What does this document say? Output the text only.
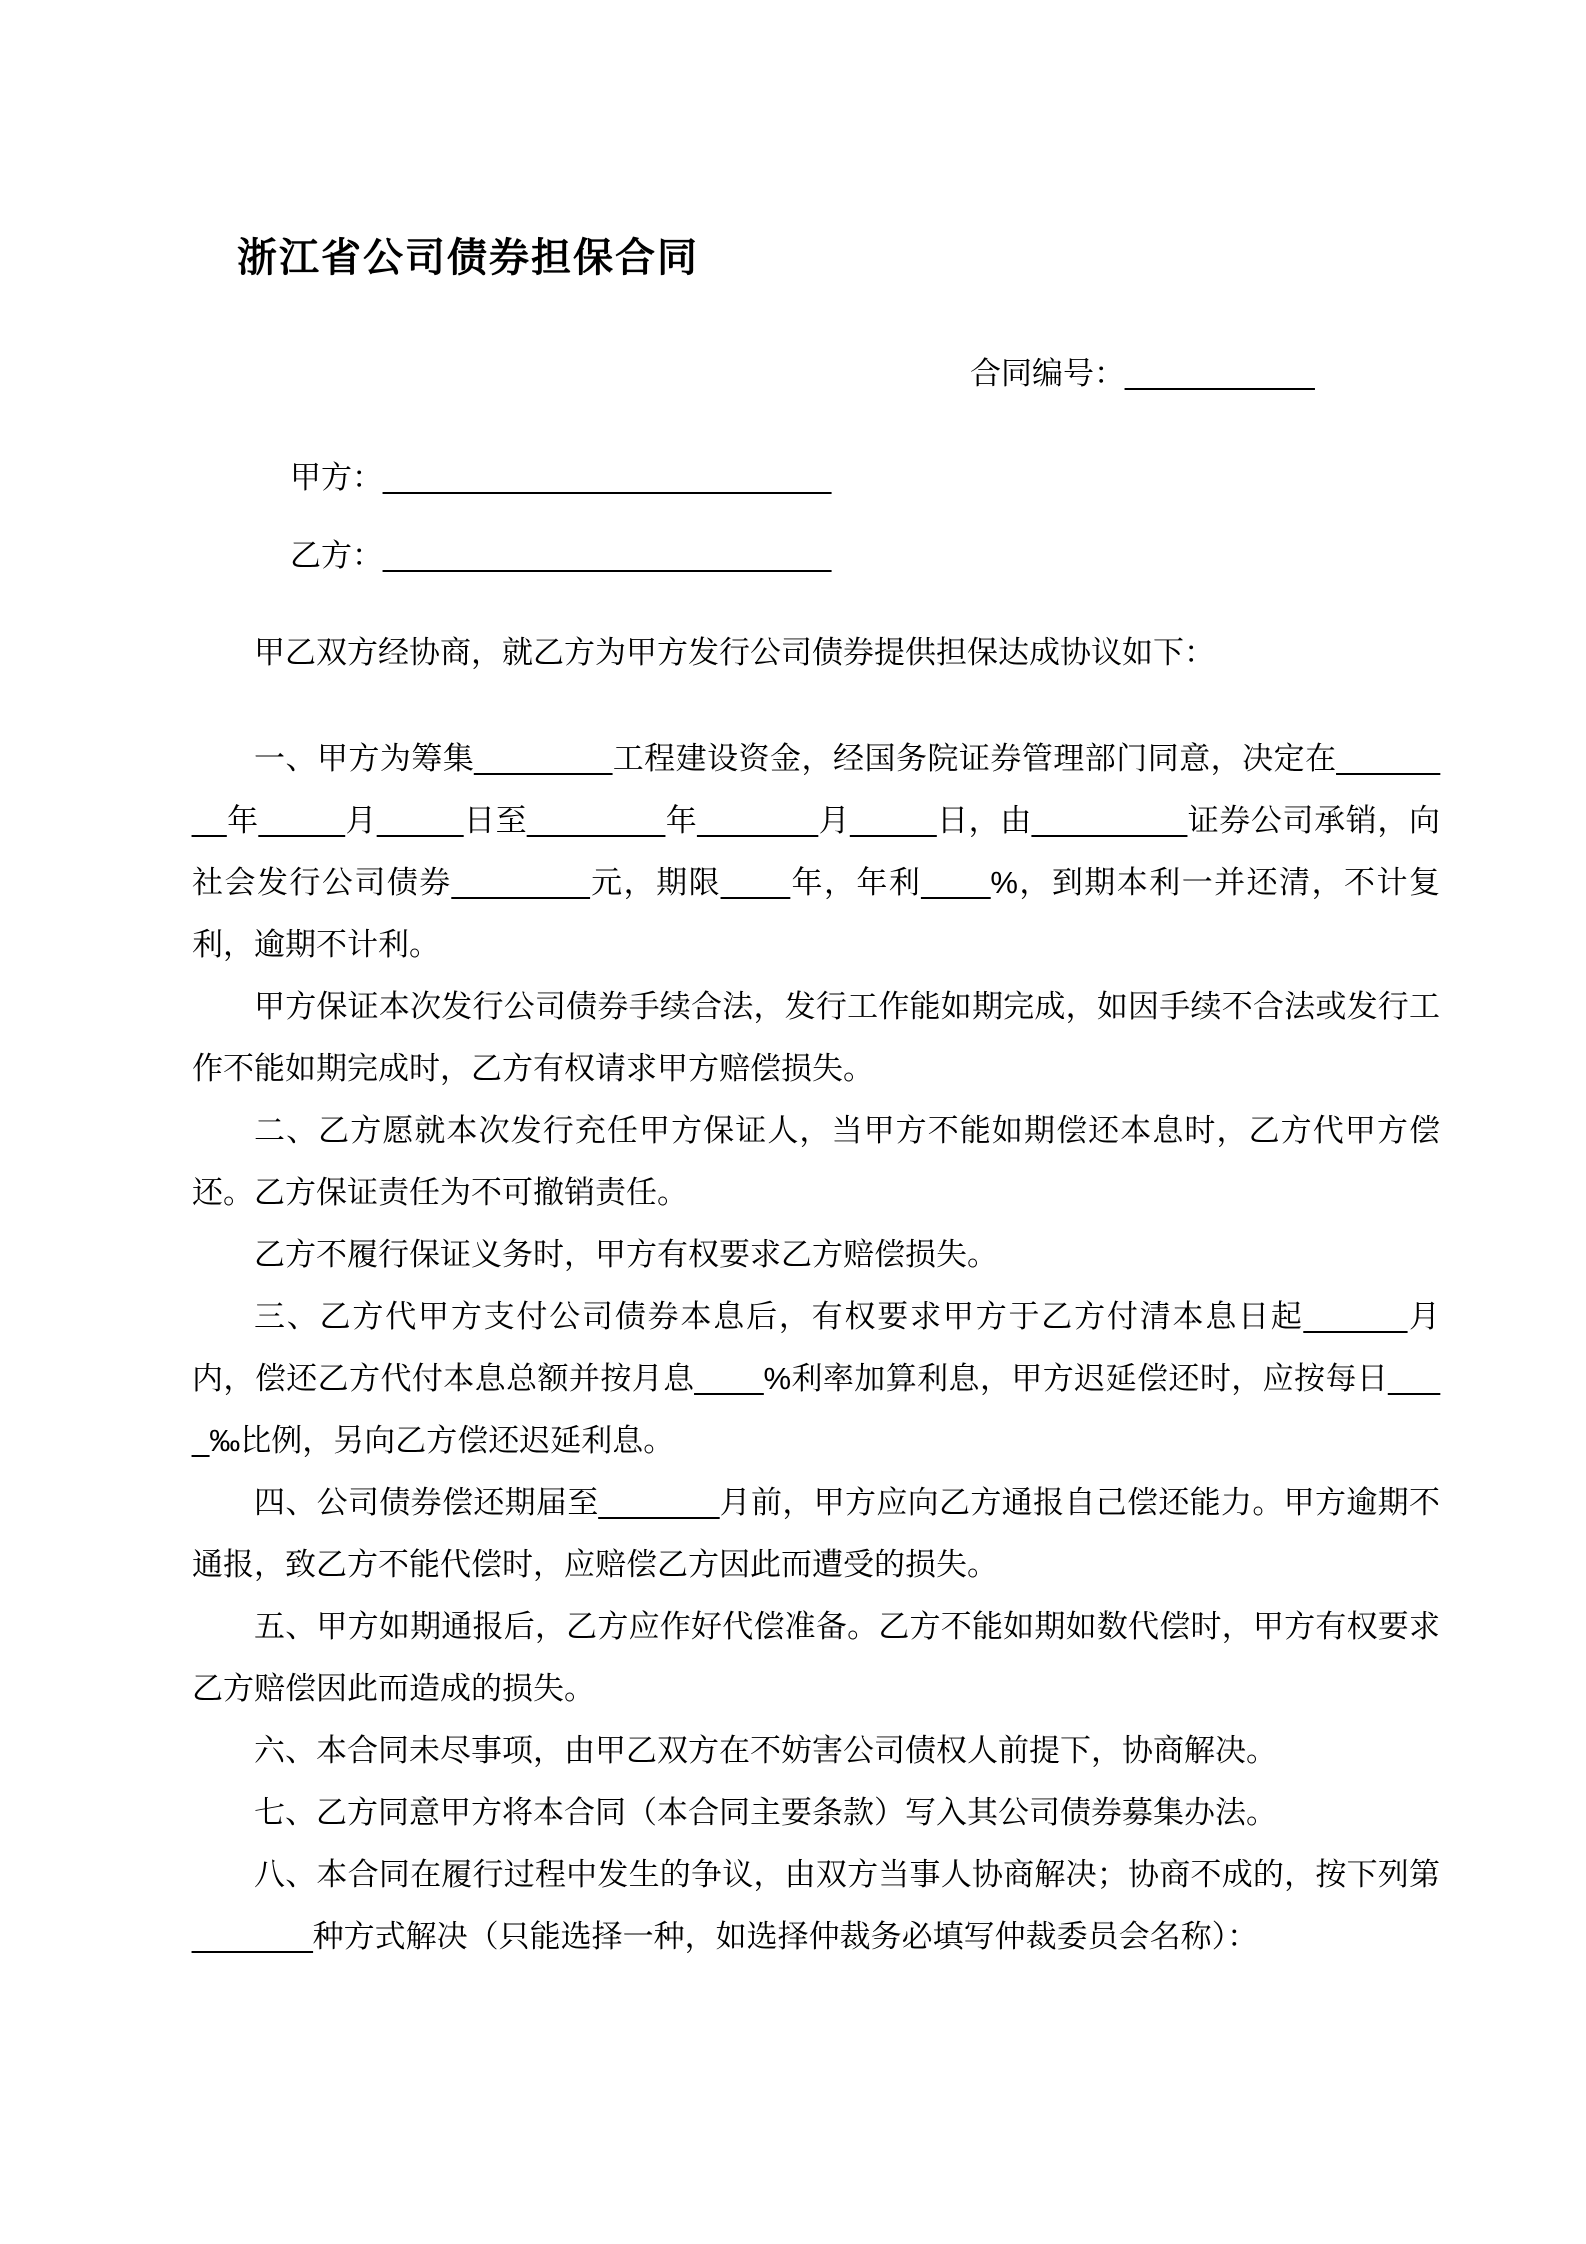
浙江省公司债券担保合同
合同编号：___________
甲方：__________________________
乙方：__________________________

甲乙双方经协商，就乙方为甲方发行公司债券提供担保达成协议如下：

一、甲方为筹集________工程建设资金，经国务院证券管理部门同意，决定在________年_____月_____日至________年_______月_____日，由_________证券公司承销，向社会发行公司债券________元，期限____年，年利____%，到期本利一并还清，不计复利，逾期不计利。

甲方保证本次发行公司债券手续合法，发行工作能如期完成，如因手续不合法或发行工作不能如期完成时，乙方有权请求甲方赔偿损失。

二、乙方愿就本次发行充任甲方保证人，当甲方不能如期偿还本息时，乙方代甲方偿还。乙方保证责任为不可撤销责任。

乙方不履行保证义务时，甲方有权要求乙方赔偿损失。

三、乙方代甲方支付公司债券本息后，有权要求甲方于乙方付清本息日起______月内，偿还乙方代付本息总额并按月息____%利率加算利息，甲方迟延偿还时，应按每日____‰比例，另向乙方偿还迟延利息。

四、公司债券偿还期届至_______月前，甲方应向乙方通报自己偿还能力。甲方逾期不通报，致乙方不能代偿时，应赔偿乙方因此而遭受的损失。

五、甲方如期通报后，乙方应作好代偿准备。乙方不能如期如数代偿时，甲方有权要求乙方赔偿因此而造成的损失。

六、本合同未尽事项，由甲乙双方在不妨害公司债权人前提下，协商解决。

七、乙方同意甲方将本合同（本合同主要条款）写入其公司债券募集办法。

八、本合同在履行过程中发生的争议，由双方当事人协商解决；协商不成的，按下列第_______种方式解决（只能选择一种，如选择仲裁务必填写仲裁委员会名称）：
